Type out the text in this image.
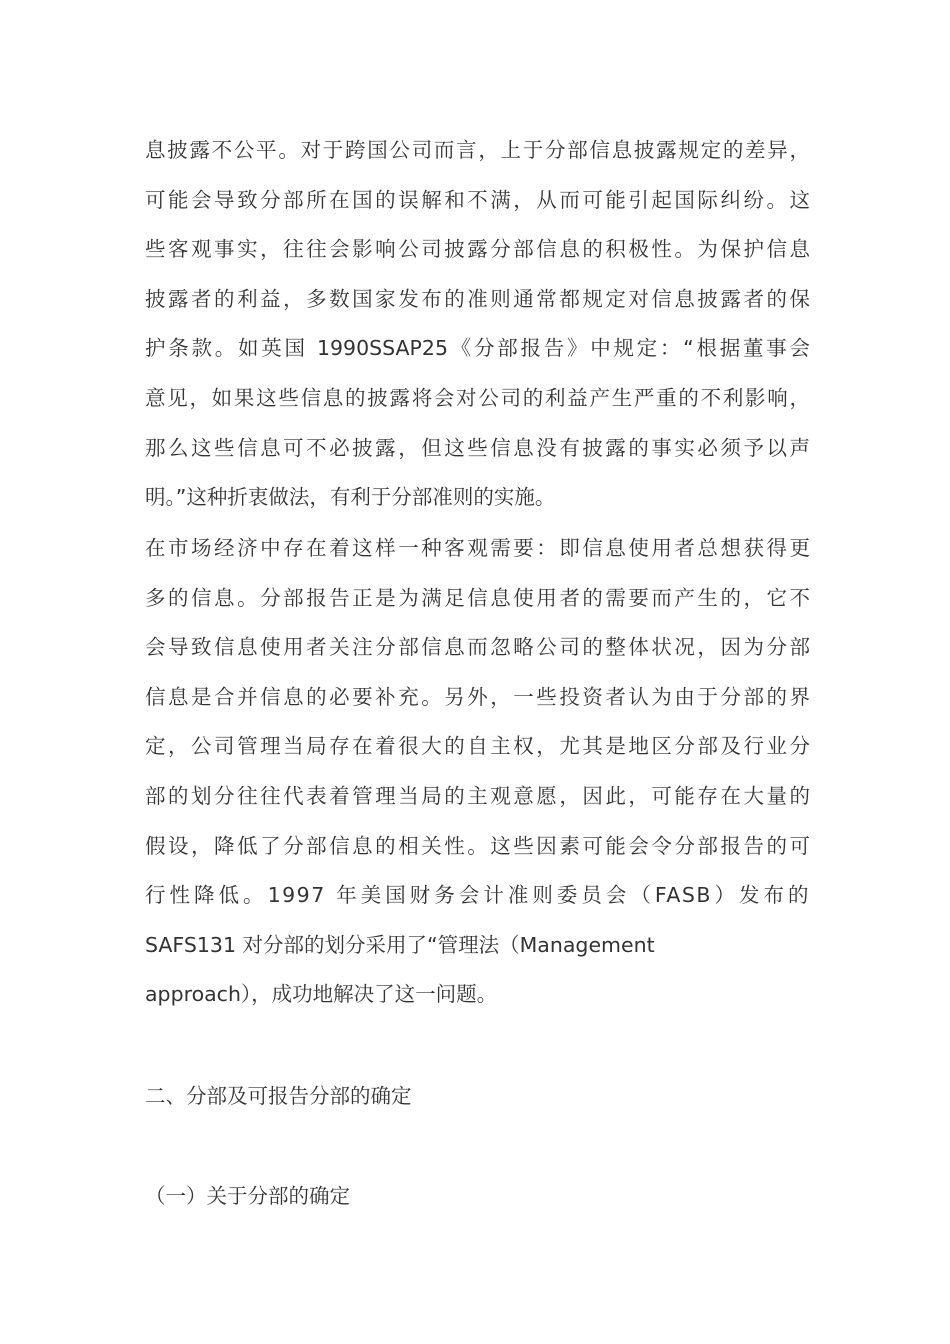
息披露不公平。对于跨国公司而言，上于分部信息披露规定的差异，
可能会导致分部所在国的误解和不满，从而可能引起国际纠纷。这
些客观事实，往往会影响公司披露分部信息的积极性。为保护信息
披露者的利益，多数国家发布的准则通常都规定对信息披露者的保
护条款。如英国 1990SSAP25《分部报告》中规定：“根据董事会
意见，如果这些信息的披露将会对公司的利益产生严重的不利影响，
那么这些信息可不必披露，但这些信息没有披露的事实必须予以声
明。”这种折衷做法，有利于分部准则的实施。
在市场经济中存在着这样一种客观需要：即信息使用者总想获得更
多的信息。分部报告正是为满足信息使用者的需要而产生的，它不
会导致信息使用者关注分部信息而忽略公司的整体状况，因为分部
信息是合并信息的必要补充。另外，一些投资者认为由于分部的界
定，公司管理当局存在着很大的自主权，尤其是地区分部及行业分
部的划分往往代表着管理当局的主观意愿，因此，可能存在大量的
假设，降低了分部信息的相关性。这些因素可能会令分部报告的可
行性降低。1997 年美国财务会计准则委员会（FASB）发布的
SAFS131 对分部的划分采用了“管理法（Management
approach），成功地解决了这一问题。
二、分部及可报告分部的确定
（一）关于分部的确定
